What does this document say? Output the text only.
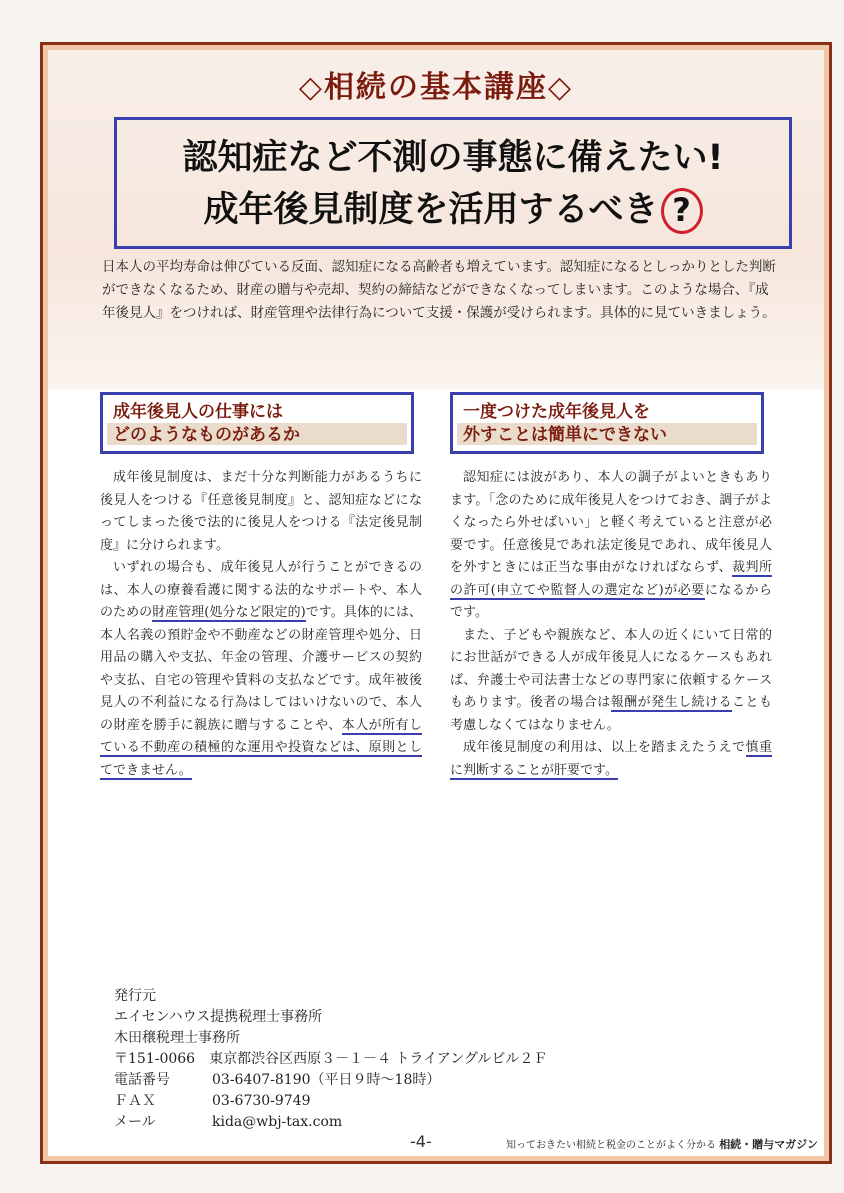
◇相続の基本講座◇
認知症など不測の事態に備えたい!
成年後見制度を活用するべき ?

日本人の平均寿命は伸びている反面、認知症になる高齢者も増えています。認知症になるとしっかりとした判断ができなくなるため、財産の贈与や売却、契約の締結などができなくなってしまいます。このような場合、『成年後見人』をつければ、財産管理や法律行為について支援・保護が受けられます。具体的に見ていきましょう。

成年後見人の仕事には
どのようなものがあるか
一度つけた成年後見人を
外すことは簡単にできない

成年後見制度は、まだ十分な判断能力があるうちに後見人をつける『任意後見制度』と、認知症などになってしまった後で法的に後見人をつける『法定後見制度』に分けられます。

いずれの場合も、成年後見人が行うことができるのは、本人の療養看護に関する法的なサポートや、本人のための財産管理(処分など限定的)です。具体的には、本人名義の預貯金や不動産などの財産管理や処分、日用品の購入や支払、年金の管理、介護サービスの契約や支払、自宅の管理や賃料の支払などです。成年被後見人の不利益になる行為はしてはいけないので、本人の財産を勝手に親族に贈与することや、本人が所有している不動産の積極的な運用や投資などは、原則としてできません。

認知症には波があり、本人の調子がよいときもあります。「念のために成年後見人をつけておき、調子がよくなったら外せばいい」と軽く考えていると注意が必要です。任意後見であれ法定後見であれ、成年後見人を外すときには正当な事由がなければならず、裁判所の許可(申立てや監督人の選定など)が必要になるからです。

また、子どもや親族など、本人の近くにいて日常的にお世話ができる人が成年後見人になるケースもあれば、弁護士や司法書士などの専門家に依頼するケースもあります。後者の場合は報酬が発生し続けることも考慮しなくてはなりません。

成年後見制度の利用は、以上を踏まえたうえで慎重に判断することが肝要です。

発行元
エイセンハウス提携税理士事務所
木田穣税理士事務所
〒151-0066　東京都渋谷区西原３－１－４ トライアングルビル２Ｆ
電話番号	03-6407-8190（平日９時～18時）
ＦＡＸ	03-6730-9749
メール	kida@wbj-tax.com
-4-	知っておきたい相続と税金のことがよく分かる 相続・贈与マガジン
